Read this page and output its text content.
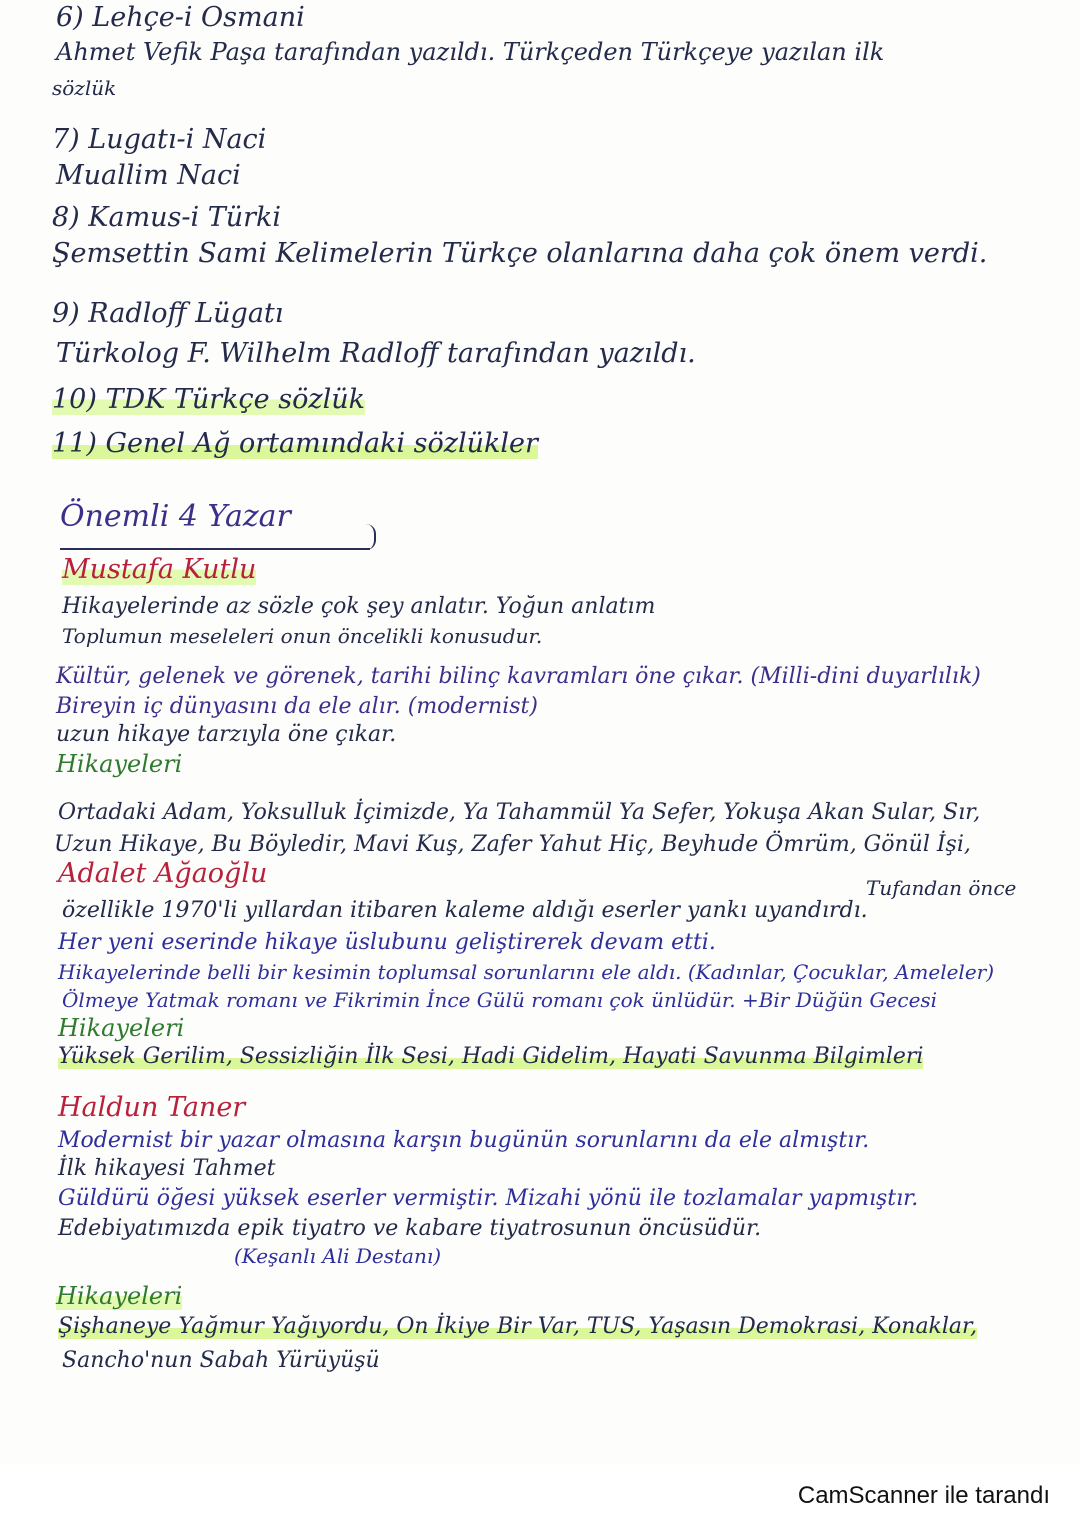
6) Lehçe-i Osmani
Ahmet Vefik Paşa tarafından yazıldı. Türkçeden Türkçeye yazılan ilk
sözlük
7) Lugatı-i Naci
Muallim Naci
8) Kamus-i Türki
Şemsettin Sami Kelimelerin Türkçe olanlarına daha çok önem verdi.
9) Radloff Lügatı
Türkolog F. Wilhelm Radloff tarafından yazıldı.
10) TDK Türkçe sözlük
11) Genel Ağ ortamındaki sözlükler
Önemli 4 Yazar
Mustafa Kutlu
Hikayelerinde az sözle çok şey anlatır. Yoğun anlatım
Toplumun meseleleri onun öncelikli konusudur.
Kültür, gelenek ve görenek, tarihi bilinç kavramları öne çıkar. (Milli-dini duyarlılık)
Bireyin iç dünyasını da ele alır. (modernist)
uzun hikaye tarzıyla öne çıkar.
Hikayeleri
Ortadaki Adam, Yoksulluk İçimizde, Ya Tahammül Ya Sefer, Yokuşa Akan Sular, Sır,
Uzun Hikaye, Bu Böyledir, Mavi Kuş, Zafer Yahut Hiç, Beyhude Ömrüm, Gönül İşi,
Tufandan önce
Adalet Ağaoğlu
özellikle 1970'li yıllardan itibaren kaleme aldığı eserler yankı uyandırdı.
Her yeni eserinde hikaye üslubunu geliştirerek devam etti.
Hikayelerinde belli bir kesimin toplumsal sorunlarını ele aldı. (Kadınlar, Çocuklar, Ameleler)
Ölmeye Yatmak romanı ve Fikrimin İnce Gülü romanı çok ünlüdür. +Bir Düğün Gecesi
Hikayeleri
Yüksek Gerilim, Sessizliğin İlk Sesi, Hadi Gidelim, Hayati Savunma Bilgimleri
Haldun Taner
Modernist bir yazar olmasına karşın bugünün sorunlarını da ele almıştır.
İlk hikayesi Tahmet
Güldürü öğesi yüksek eserler vermiştir. Mizahi yönü ile tozlamalar yapmıştır.
Edebiyatımızda epik tiyatro ve kabare tiyatrosunun öncüsüdür.
(Keşanlı Ali Destanı)
Hikayeleri
Şişhaneye Yağmur Yağıyordu, On İkiye Bir Var, TUS, Yaşasın Demokrasi, Konaklar,
Sancho'nun Sabah Yürüyüşü
CamScanner ile tarandı
